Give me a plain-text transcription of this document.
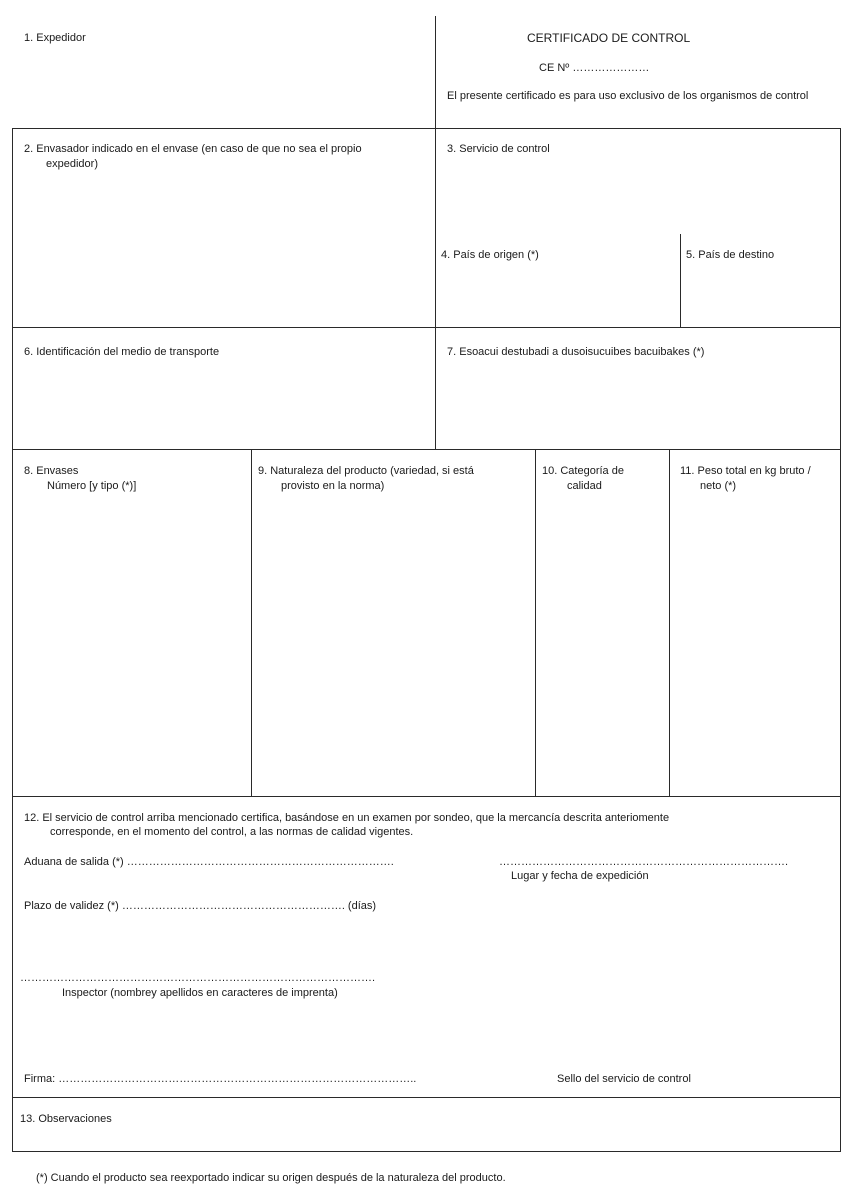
1. Expedidor	CERTIFICADO DE CONTROL
CE Nº …………………
El presente certificado es para uso exclusivo de los organismos de control
2. Envasador indicado en el envase (en caso de que no sea el propio
expedidor)
3. Servicio de control
4. País de origen (*)	5. País de destino
6. Identificación del medio de transporte	7. Esoacui destubadi a dusoisucuibes bacuibakes (*)
8. Envases
Número [y tipo (*)]
9. Naturaleza del producto (variedad, si está
provisto en la norma)
10. Categoría de
calidad
11. Peso total en kg bruto /
neto (*)
12. El servicio de control arriba mencionado certifica, basándose en un examen por sondeo, que la mercancía descrita anteriomente
corresponde, en el momento del control, a las normas de calidad vigentes.
Aduana de salida (*) ……………………………………………………………….	…………………………………………………………………….
Lugar y fecha de expedición
Plazo de validez (*) ……………………………………………………. (días)
…………………………………………………………………………………….
Inspector (nombrey apellidos en caracteres de imprenta)
Firma: ……………………………………………………………………………………..	Sello del servicio de control
13. Observaciones
(*) Cuando el producto sea reexportado indicar su origen después de la naturaleza del producto.
